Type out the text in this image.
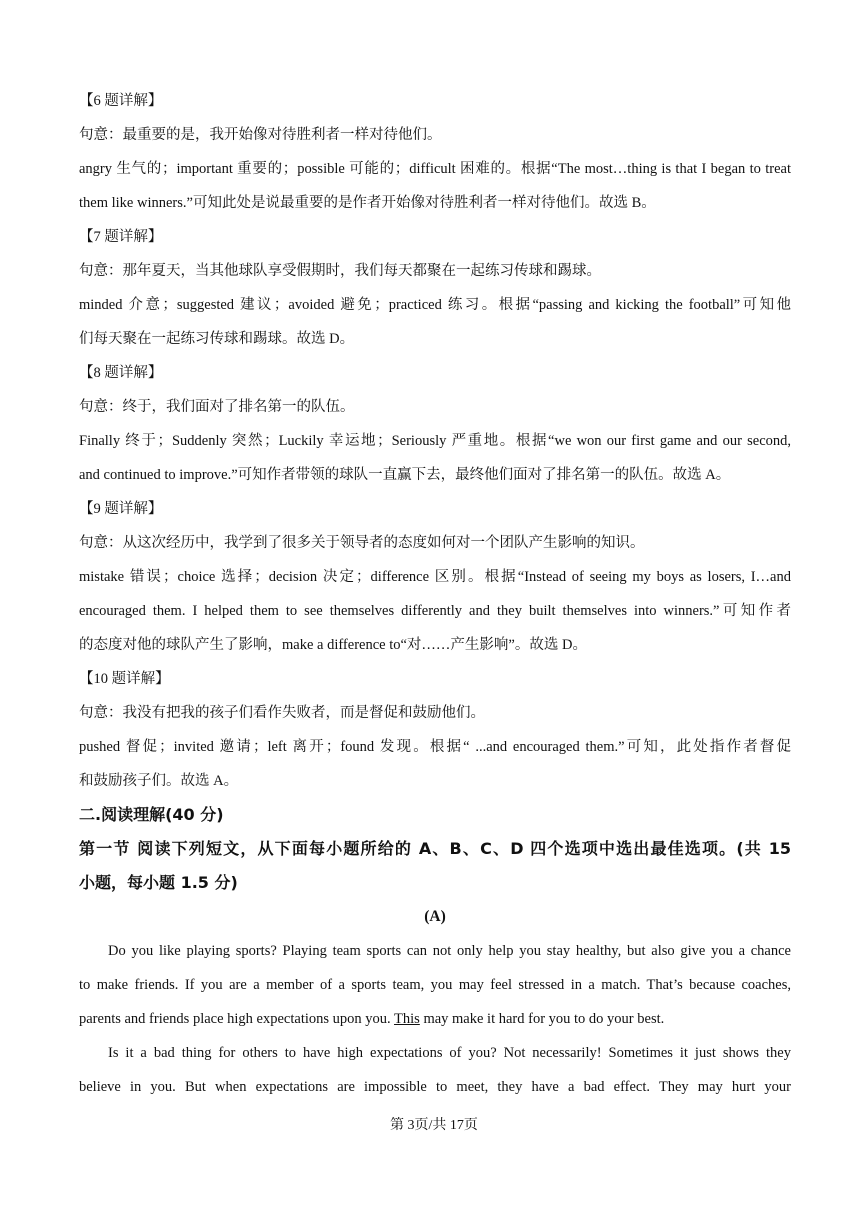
【6 题详解】
句意：最重要的是，我开始像对待胜利者一样对待他们。
angry 生气的；important 重要的；possible 可能的；difficult 困难的。根据“The most…thing is that I began to treat
them like winners.”可知此处是说最重要的是作者开始像对待胜利者一样对待他们。故选 B。
【7 题详解】
句意：那年夏天，当其他球队享受假期时，我们每天都聚在一起练习传球和踢球。
minded 介意；suggested 建议；avoided 避免；practiced 练习。根据“passing and kicking the football”可知他
们每天聚在一起练习传球和踢球。故选 D。
【8 题详解】
句意：终于，我们面对了排名第一的队伍。
Finally 终于；Suddenly 突然；Luckily 幸运地；Seriously 严重地。根据“we won our first game and our second,
and continued to improve.”可知作者带领的球队一直赢下去，最终他们面对了排名第一的队伍。故选 A。
【9 题详解】
句意：从这次经历中，我学到了很多关于领导者的态度如何对一个团队产生影响的知识。
mistake 错误；choice 选择；decision 决定；difference 区别。根据“Instead of seeing my boys as losers, I…and
encouraged them. I helped them to see themselves differently and they built themselves into winners.”可知作者
的态度对他的球队产生了影响，make a difference to“对……产生影响”。故选 D。
【10 题详解】
句意：我没有把我的孩子们看作失败者，而是督促和鼓励他们。
pushed 督促；invited 邀请；left 离开；found 发现。根据“ ...and encouraged them.”可知，此处指作者督促
和鼓励孩子们。故选 A。
二.阅读理解(40 分)
第一节 阅读下列短文，从下面每小题所给的 A、B、C、D 四个选项中选出最佳选项。(共 15
小题，每小题 1.5 分)
(A)
Do you like playing sports? Playing team sports can not only help you stay healthy, but also give you a chance
to make friends. If you are a member of a sports team, you may feel stressed in a match. That’s because coaches,
parents and friends place high expectations upon you. This may make it hard for you to do your best.
Is it a bad thing for others to have high expectations of you? Not necessarily! Sometimes it just shows they
believe in you. But when expectations are impossible to meet, they have a bad effect. They may hurt your
第 3页/共 17页
